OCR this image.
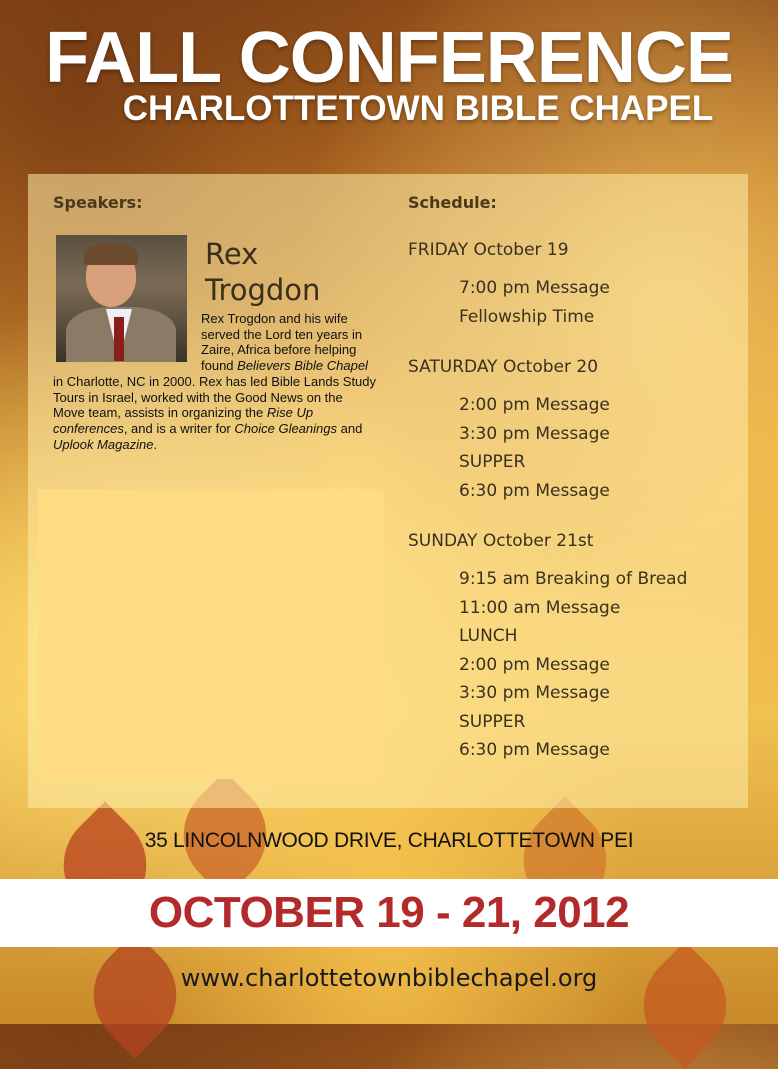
FALL CONFERENCE
CHARLOTTETOWN BIBLE CHAPEL
Speakers:	Schedule:

Rex
Trogdon

Rex Trogdon and his wife served the Lord ten years in Zaire, Africa before helping found Believers Bible Chapel in Charlotte, NC in 2000. Rex has led Bible Lands Study Tours in Israel, worked with the Good News on the Move team, assists in organizing the Rise Up conferences, and is a writer for Choice Gleanings and Uplook Magazine.

FRIDAY October 19

7:00 pm Message

Fellowship Time

SATURDAY October 20

2:00 pm Message

3:30 pm Message

SUPPER

6:30 pm Message

SUNDAY October 21st

9:15 am Breaking of Bread

11:00 am Message

LUNCH

2:00 pm Message

3:30 pm Message

SUPPER

6:30 pm Message

35 LINCOLNWOOD DRIVE, CHARLOTTETOWN PEI

OCTOBER 19 - 21, 2012

www.charlottetownbiblechapel.org
